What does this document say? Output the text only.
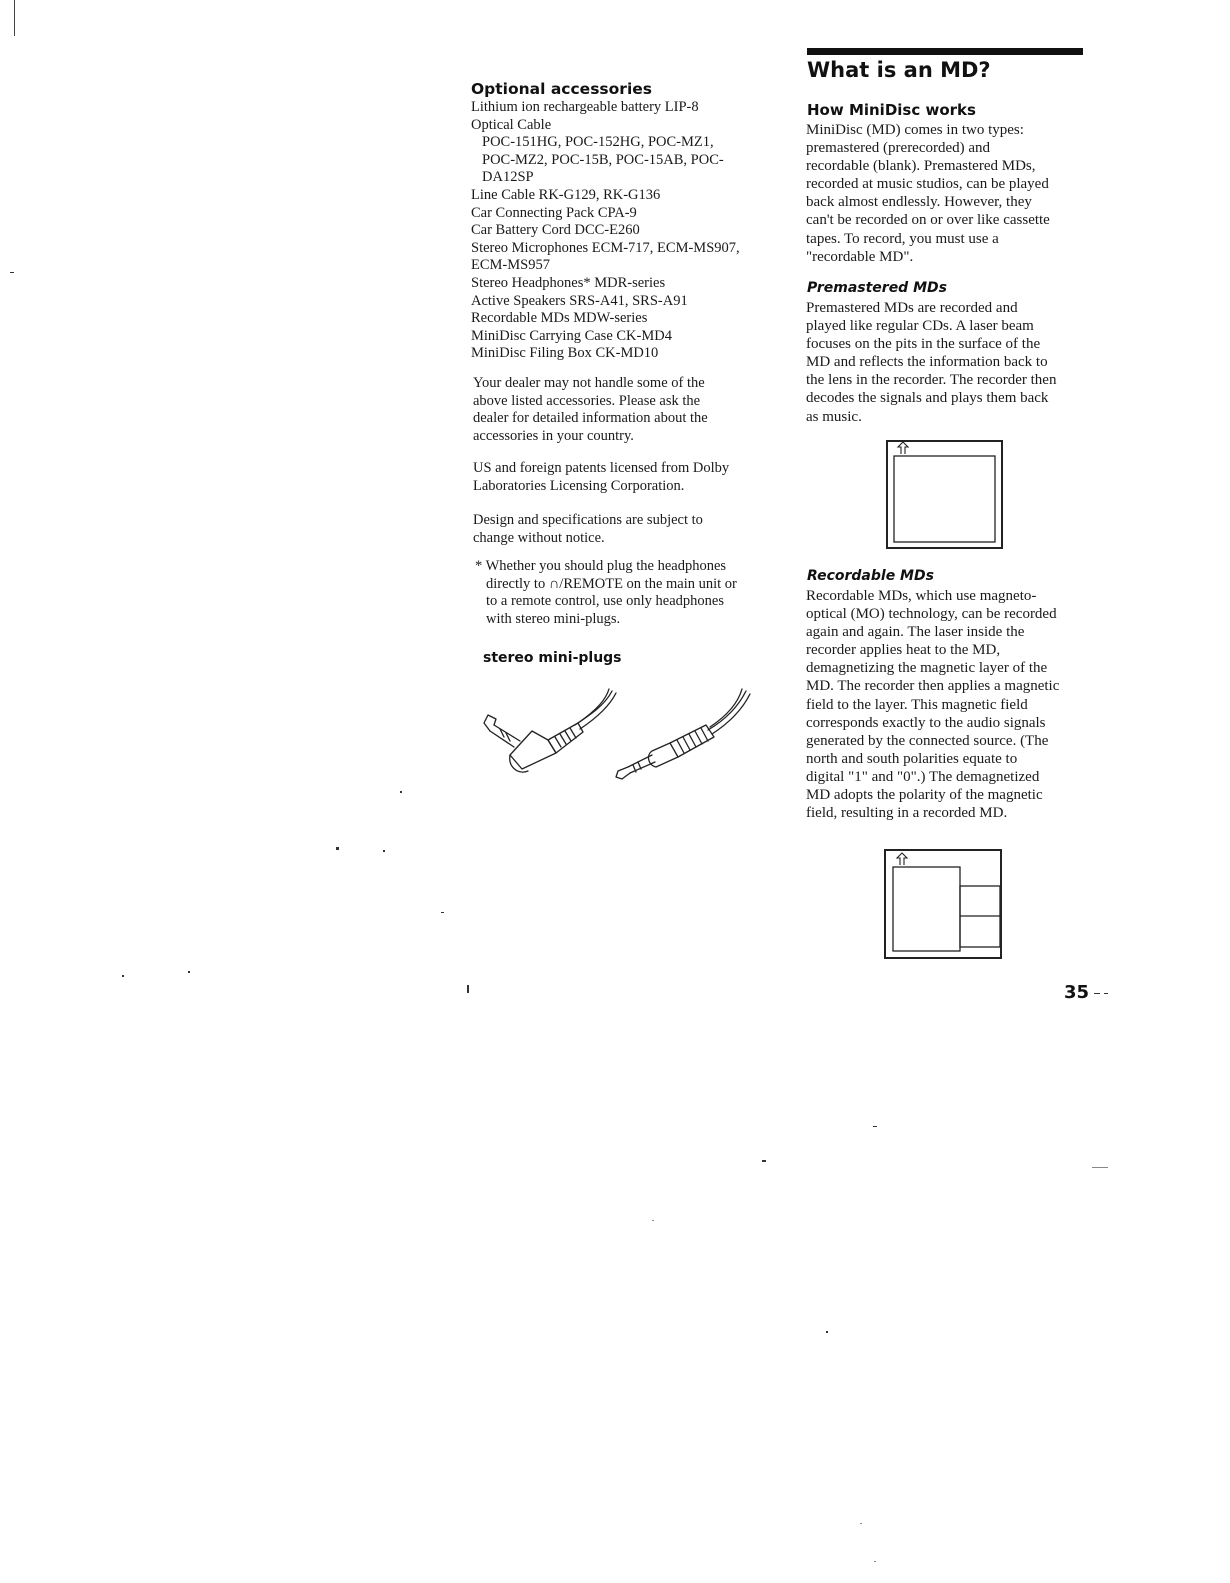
Optional accessories
Lithium ion rechargeable battery LIP-8
Optical Cable
POC-151HG, POC-152HG, POC-MZ1,
POC-MZ2, POC-15B, POC-15AB, POC-
DA12SP
Line Cable RK-G129, RK-G136
Car Connecting Pack CPA-9
Car Battery Cord DCC-E260
Stereo Microphones ECM-717, ECM-MS907,
ECM-MS957
Stereo Headphones* MDR-series
Active Speakers SRS-A41, SRS-A91
Recordable MDs MDW-series
MiniDisc Carrying Case CK-MD4
MiniDisc Filing Box CK-MD10
Your dealer may not handle some of the
above listed accessories. Please ask the
dealer for detailed information about the
accessories in your country.
US and foreign patents licensed from Dolby
Laboratories Licensing Corporation.
Design and specifications are subject to
change without notice.
* Whether you should plug the headphones
directly to ∩/REMOTE on the main unit or
to a remote control, use only headphones
with stereo mini-plugs.
stereo mini-plugs
What is an MD?
How MiniDisc works
MiniDisc (MD) comes in two types:
premastered (prerecorded) and
recordable (blank). Premastered MDs,
recorded at music studios, can be played
back almost endlessly. However, they
can't be recorded on or over like cassette
tapes. To record, you must use a
"recordable MD".
Premastered MDs
Premastered MDs are recorded and
played like regular CDs. A laser beam
focuses on the pits in the surface of the
MD and reflects the information back to
the lens in the recorder. The recorder then
decodes the signals and plays them back
as music.
Recordable MDs
Recordable MDs, which use magneto-
optical (MO) technology, can be recorded
again and again. The laser inside the
recorder applies heat to the MD,
demagnetizing the magnetic layer of the
MD. The recorder then applies a magnetic
field to the layer. This magnetic field
corresponds exactly to the audio signals
generated by the connected source. (The
north and south polarities equate to
digital "1" and "0".) The demagnetized
MD adopts the polarity of the magnetic
field, resulting in a recorded MD.
35
